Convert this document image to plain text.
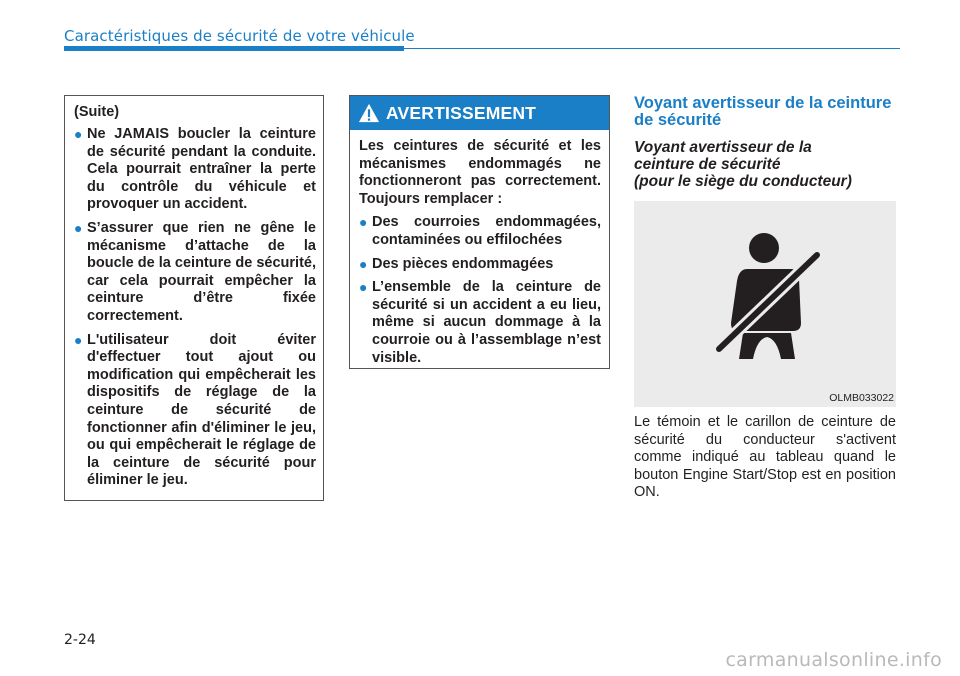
Caractéristiques de sécurité de votre véhicule

(Suite)

● Ne JAMAIS boucler la ceinture de sécurité pendant la conduite. Cela pourrait entraîner la perte du contrôle du véhicule et provoquer un accident.
● S’assurer que rien ne gêne le mécanisme d’attache de la boucle de la ceinture de sécurité, car cela pourrait empêcher la ceinture d’être fixée correctement.
● L'utilisateur doit éviter d'effectuer tout ajout ou modification qui empêcherait les dispositifs de réglage de la ceinture de sécurité de fonctionner afin d'éliminer le jeu, ou qui empêcherait le réglage de la ceinture de sécurité pour éliminer le jeu.
AVERTISSEMENT

Les ceintures de sécurité et les mécanismes endommagés ne fonctionneront pas correctement. Toujours remplacer :

● Des courroies endommagées, contaminées ou effilochées
● Des pièces endommagées
● L’ensemble de la ceinture de sécurité si un accident a eu lieu, même si aucun dommage à la courroie ou à l’assemblage n’est visible.

Voyant avertisseur de la ceinture de sécurité

Voyant avertisseur de la
ceinture de sécurité
(pour le siège du conducteur)

OLMB033022

Le témoin et le carillon de ceinture de sécurité du conducteur s'activent comme indiqué au tableau quand le bouton Engine Start/Stop est en position ON.

2-24
carmanualsonline.info
